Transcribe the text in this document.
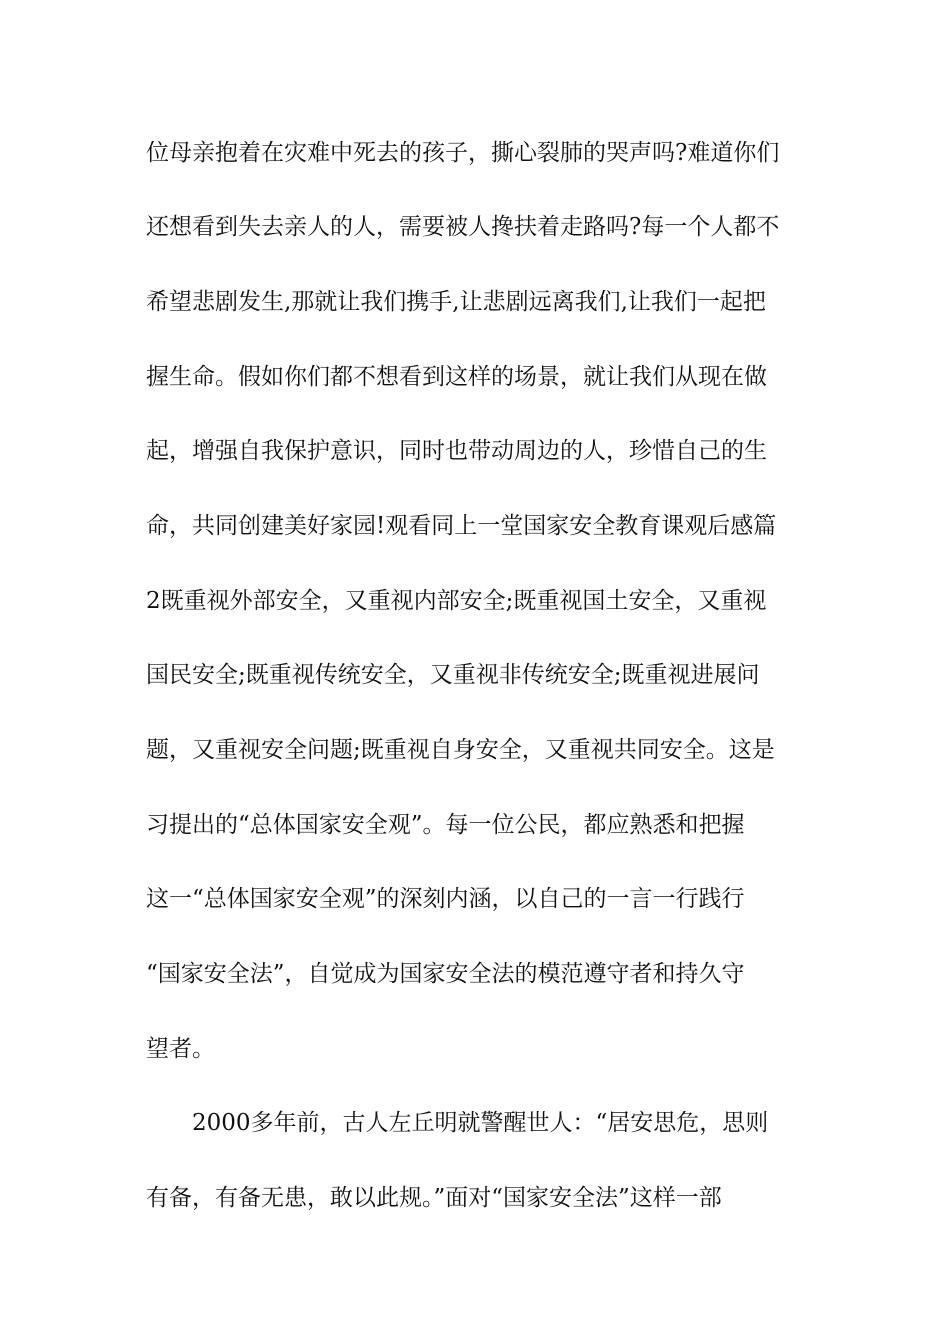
位母亲抱着在灾难中死去的孩子，撕心裂肺的哭声吗?难道你们
还想看到失去亲人的人，需要被人搀扶着走路吗?每一个人都不
希望悲剧发生,那就让我们携手,让悲剧远离我们,让我们一起把
握生命。假如你们都不想看到这样的场景，就让我们从现在做
起，增强自我保护意识，同时也带动周边的人，珍惜自己的生
命，共同创建美好家园!观看同上一堂国家安全教育课观后感篇
2既重视外部安全，又重视内部安全;既重视国土安全，又重视
国民安全;既重视传统安全，又重视非传统安全;既重视进展问
题，又重视安全问题;既重视自身安全，又重视共同安全。这是
习提出的“总体国家安全观”。每一位公民，都应熟悉和把握
这一“总体国家安全观”的深刻内涵，以自己的一言一行践行
“国家安全法”，自觉成为国家安全法的模范遵守者和持久守
望者。
2000多年前，古人左丘明就警醒世人：“居安思危，思则
有备，有备无患，敢以此规。”面对“国家安全法”这样一部
